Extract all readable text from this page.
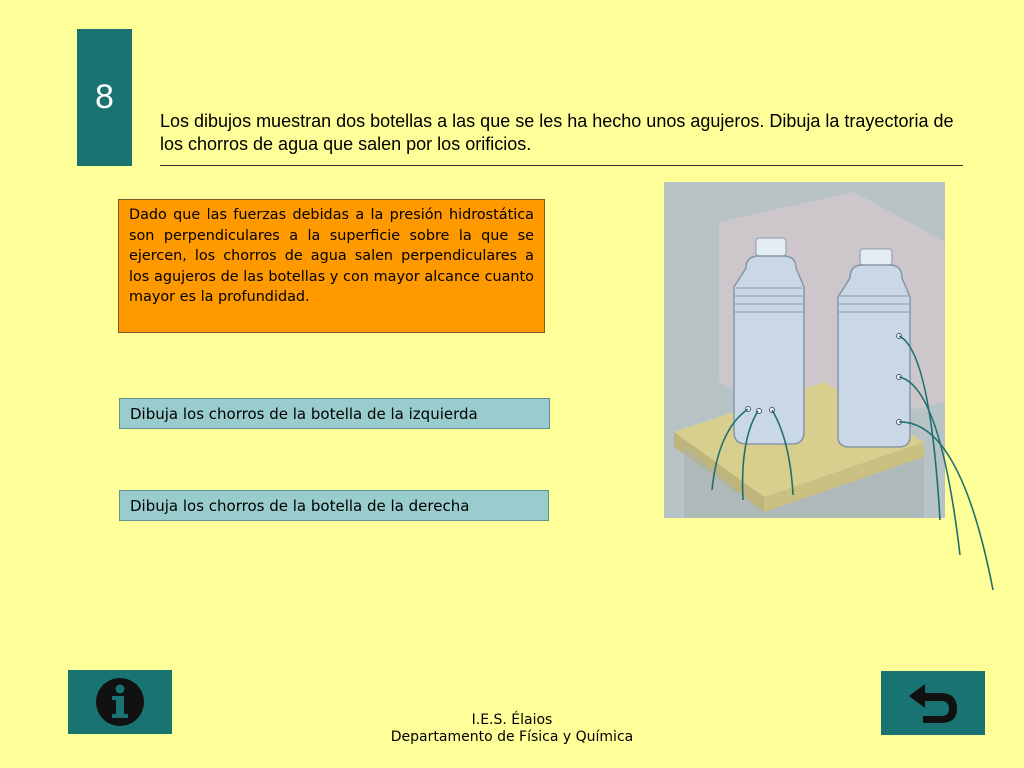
8
Los dibujos muestran dos botellas a las que se les ha hecho unos agujeros. Dibuja la trayectoria de los chorros de agua que salen por los orificios.
Dado que las fuerzas debidas a la presión hidrostática son perpendiculares a la superficie sobre la que se ejercen, los chorros de agua salen perpendiculares a los agujeros de las botellas y con mayor alcance cuanto mayor es la profundidad.
Dibuja los chorros de la botella de la izquierda
Dibuja los chorros de la botella de la derecha
I.E.S. Élaios
Departamento de Física y Química
